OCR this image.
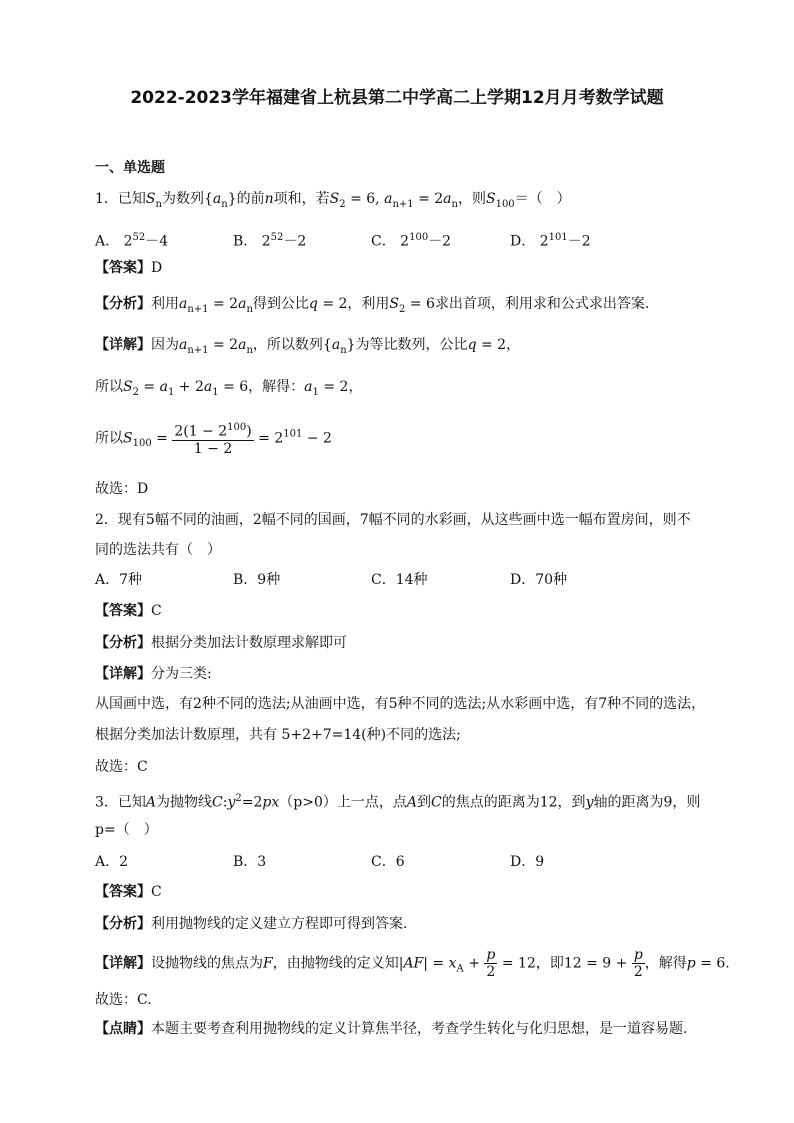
2022-2023学年福建省上杭县第二中学高二上学期12月月考数学试题
一、单选题
1．已知$S_n$为数列$\{a_n\}$的前n项和，若$S_2 = 6$, $a_{n+1} = 2a_n$，则$S_{100}=$（　）
A． $2^{52}-4$	B． $2^{52}-2$	C． $2^{100}-2$	D． $2^{101}-2$
【答案】D
【分析】利用$a_{n+1} = 2a_n$得到公比q = 2，利用$S_2 = 6$求出首项，利用求和公式求出答案.
【详解】因为$a_{n+1} = 2a_n$，所以数列$\{a_n\}$为等比数列，公比q = 2，
所以$S_2 = a_1 + 2a_1 = 6$，解得：$a_1 = 2$，
所以$S_{100} = \frac{2(1 - 2^{100})}{1 - 2} = 2^{101} - 2$
故选：D
2．现有5幅不同的油画，2幅不同的国画，7幅不同的水彩画，从这些画中选一幅布置房间，则不
同的选法共有（　）
A．7种	B．9种	C．14种	D．70种
【答案】C
【分析】根据分类加法计数原理求解即可
【详解】分为三类:
从国画中选，有2种不同的选法;从油画中选，有5种不同的选法;从水彩画中选，有7种不同的选法，
根据分类加法计数原理，共有 5+2+7=14(种)不同的选法;
故选：C
3．已知A为抛物线$C:y^2=2px(p>0)$上一点，点A到C的焦点的距离为12，到y轴的距离为9，则
p=（　）
A．2	B．3	C．6	D．9
【答案】C
【分析】利用抛物线的定义建立方程即可得到答案.
【详解】设抛物线的焦点为F，由抛物线的定义知$|AF| = x_A + \frac{p}{2} = 12$，即$12 = 9 + \frac{p}{2}$ ，解得p = 6.
故选：C.
【点睛】本题主要考查利用抛物线的定义计算焦半径，考查学生转化与化归思想，是一道容易题.
